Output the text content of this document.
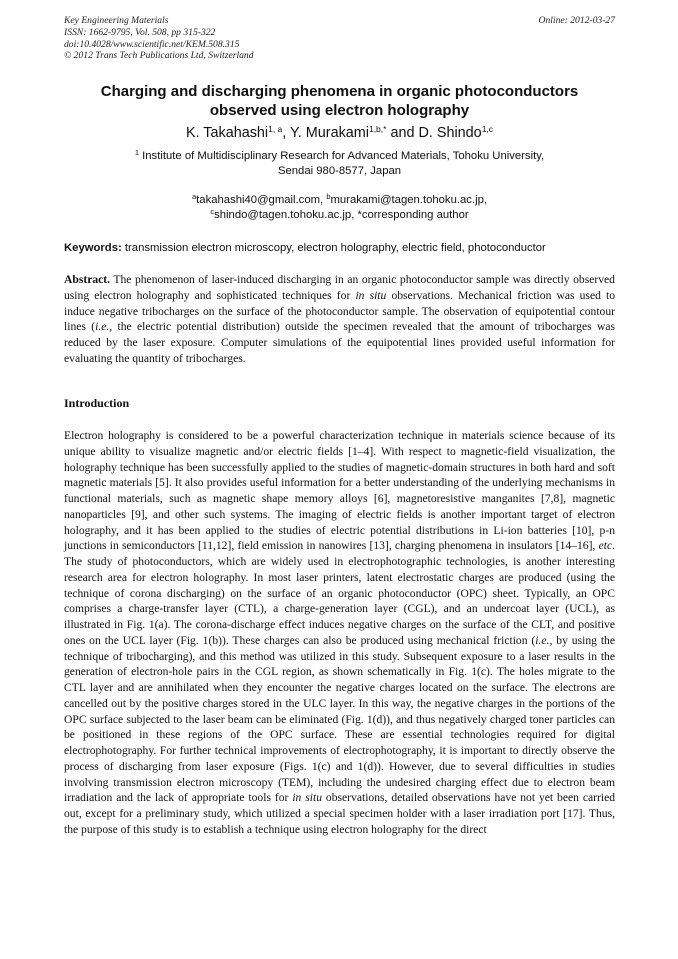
Key Engineering Materials
ISSN: 1662-9795, Vol. 508, pp 315-322
doi:10.4028/www.scientific.net/KEM.508.315
© 2012 Trans Tech Publications Ltd, Switzerland
Online: 2012-03-27
Charging and discharging phenomena in organic photoconductors
observed using electron holography
K. Takahashi$^{1, a}$, Y. Murakami$^{1,b,*}$ and D. Shindo$^{1,c}$
$^1$ Institute of Multidisciplinary Research for Advanced Materials, Tohoku University,
Sendai 980-8577, Japan
$^a$takahashi40@gmail.com, $^b$murakami@tagen.tohoku.ac.jp,
$^c$shindo@tagen.tohoku.ac.jp, *corresponding author
Keywords: transmission electron microscopy, electron holography, electric field, photoconductor

Abstract. The phenomenon of laser-induced discharging in an organic photoconductor sample was directly observed using electron holography and sophisticated techniques for in situ observations. Mechanical friction was used to induce negative tribocharges on the surface of the photoconductor sample. The observation of equipotential contour lines (i.e., the electric potential distribution) outside the specimen revealed that the amount of tribocharges was reduced by the laser exposure. Computer simulations of the equipotential lines provided useful information for evaluating the quantity of tribocharges.

Introduction

Electron holography is considered to be a powerful characterization technique in materials science because of its unique ability to visualize magnetic and/or electric fields [1–4]. With respect to magnetic-field visualization, the holography technique has been successfully applied to the studies of magnetic-domain structures in both hard and soft magnetic materials [5]. It also provides useful information for a better understanding of the underlying mechanisms in functional materials, such as magnetic shape memory alloys [6], magnetoresistive manganites [7,8], magnetic nanoparticles [9], and other such systems. The imaging of electric fields is another important target of electron holography, and it has been applied to the studies of electric potential distributions in Li-ion batteries [10], p-n junctions in semiconductors [11,12], field emission in nanowires [13], charging phenomena in insulators [14–16], etc. The study of photoconductors, which are widely used in electrophotographic technologies, is another interesting research area for electron holography. In most laser printers, latent electrostatic charges are produced (using the technique of corona discharging) on the surface of an organic photoconductor (OPC) sheet. Typically, an OPC comprises a charge-transfer layer (CTL), a charge-generation layer (CGL), and an undercoat layer (UCL), as illustrated in Fig. 1(a). The corona-discharge effect induces negative charges on the surface of the CLT, and positive ones on the UCL layer (Fig. 1(b)). These charges can also be produced using mechanical friction (i.e., by using the technique of tribocharging), and this method was utilized in this study. Subsequent exposure to a laser results in the generation of electron-hole pairs in the CGL region, as shown schematically in Fig. 1(c). The holes migrate to the CTL layer and are annihilated when they encounter the negative charges located on the surface. The electrons are cancelled out by the positive charges stored in the ULC layer. In this way, the negative charges in the portions of the OPC surface subjected to the laser beam can be eliminated (Fig. 1(d)), and thus negatively charged toner particles can be positioned in these regions of the OPC surface. These are essential technologies required for digital electrophotography. For further technical improvements of electrophotography, it is important to directly observe the process of discharging from laser exposure (Figs. 1(c) and 1(d)). However, due to several difficulties in studies involving transmission electron microscopy (TEM), including the undesired charging effect due to electron beam irradiation and the lack of appropriate tools for in situ observations, detailed observations have not yet been carried out, except for a preliminary study, which utilized a special specimen holder with a laser irradiation port [17]. Thus, the purpose of this study is to establish a technique using electron holography for the direct
